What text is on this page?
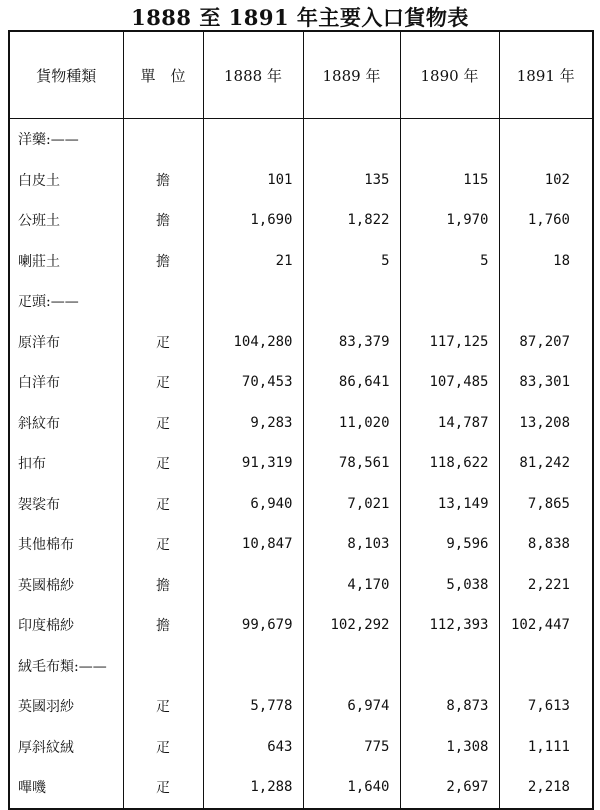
1888 至 1891 年主要入口貨物表
貨物種類	單　位	1888 年	1889 年	1890 年	1891 年
洋藥:——					
白皮土	擔	101	135	115	102
公班土	擔	1,690	1,822	1,970	1,760
喇莊土	擔	21	5	5	18
疋頭:——					
原洋布	疋	104,280	83,379	117,125	87,207
白洋布	疋	70,453	86,641	107,485	83,301
斜紋布	疋	9,283	11,020	14,787	13,208
扣布	疋	91,319	78,561	118,622	81,242
袈裟布	疋	6,940	7,021	13,149	7,865
其他棉布	疋	10,847	8,103	9,596	8,838
英國棉紗	擔		4,170	5,038	2,221
印度棉紗	擔	99,679	102,292	112,393	102,447
絨毛布類:——					
英國羽紗	疋	5,778	6,974	8,873	7,613
厚斜紋絨	疋	643	775	1,308	1,111
嗶嘰	疋	1,288	1,640	2,697	2,218
